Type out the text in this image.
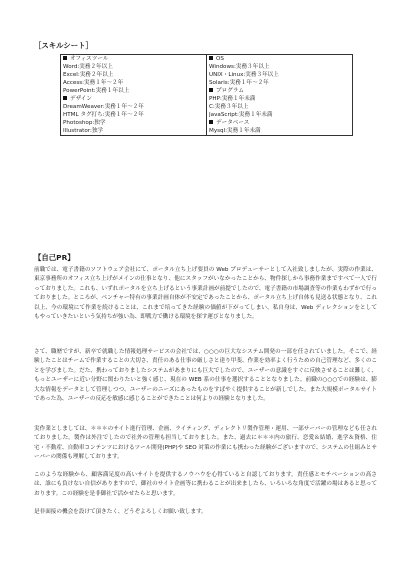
［スキルシート］
オフィスツール
Word:実務２年以上
Excel:実務２年以上
Access:実務１年〜２年
PowerPoint:実務１年以上
デザイン
DreamWeaver:実務１年〜２年
HTML タグ打ち:実務１年〜２年
Photoshop:独学
Illustrator:独学

OS
Windows:実務３年以上
UNIX・Linux:実務３年以上
Solaris:実務１年〜２年
プログラム
PHP:実務１年未満
C:実務３年以上
JavaScript:実務１年未満
データベース
Mysql:実務１年未満
【自己PR】

前職では、電子書籍のソフトウェア会社にて、ポータル立ち上げ要員の Web プロデューサーとして入社致しましたが、実際の作業は、東京事務所のオフィス立ち上げがメインの仕事となり、他にスタッフがいなかったことから、物件探しから事務作業まですべて一人で行っておりました。これも、いずれポータルを立ち上げるという事業計画が前提でしたので、電子書籍の市場調査等の作業もわずかで行っておりました。ところが、ベンチャー特有の事業計画自体が不安定であったことから、ポータル立ち上げ自体も見送る状態となり、これ以上、今の環境にて作業を続けることは、これまで培ってきた経験の価値が下がってしまい、私自身は、Web ディレクションをとしてもやっていきたいという気持ちが強い為、即戦力で働ける環境を探す運びとなりました。

さて、職歴ですが、新卒で就職した情報処理サービスの会社では、○○○の巨大なシステム開発の一部を任されていました。そこで、経験したことはチームで作業することの大切さ、責任のある仕事の厳しさと達り甲斐、作業を効率よく行うための自己管理など、多くのことを学びました。だた、携わっておりましたシステムがあまりにも巨大でしたので、ユーザーの意識をすぐに反映させることは難しく、もっとユーザーに近い分野に関わりたいと強く感じ、現在の WEB 系の仕事を選択することとなりました。前職の○○○での経験は、膨大な情報をデータとして管理しつつ、ユーザーのニーズにあったものをすばやく提供することが新しでした。また大規模ポータルサイトであった為、ユーザーの反応を敏感に感じることができたことは何よりの経験となりました。

実作業としましては、＊＊＊のサイト進行管理、企画、ライティング、ディレクトリ製作管理・運用、一部サーバーの管理なども任されておりました。製作は外注でしたので社外の管理も担当しておりました。また、過去に＊＊＊内の旅行、恋愛＆結婚、進学＆資格、住宅・不動産、自動車コンテンツにおけるツール開発(PHP)や SEO 対策の作業にも携わった経験がございますので、システムの仕組みとサーバーの関係も理解しております。

このような経験から、顧客満足度の高いサイトを提供するノウハウを心得ていると自認しております。責任感とモチベーションの高さは、誰にも負けない自信がありますので、御社のサイト企画等に携わることが出来ましたら、いろいろな角度で活躍の場はあると思っております。この経験を是非御社で活かせたらと思います。

是非面接の機会を設けて頂きたく、どうぞよろしくお願い致します。
